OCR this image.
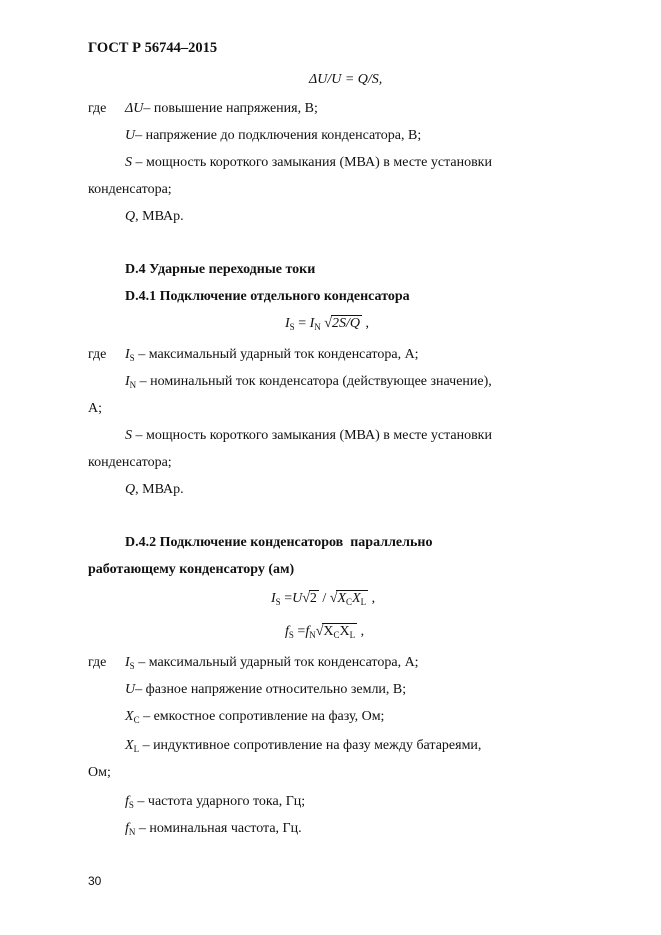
ГОСТ Р 56744–2015
ΔU/U = Q/S,
где ΔU– повышение напряжения, В;
U– напряжение до подключения конденсатора, В;
S – мощность короткого замыкания (МВА) в месте установки
конденсатора;
Q, МВАр.
D.4 Ударные переходные токи
D.4.1 Подключение отдельного конденсатора
$I_S = I_N$ √2S/Q ,
где $I_S$ – максимальный ударный ток конденсатора, А;
$I_N$ – номинальный ток конденсатора (действующее значение),
А;
S – мощность короткого замыкания (МВА) в месте установки
конденсатора;
Q, МВАр.
D.4.2 Подключение конденсаторов  параллельно
работающему конденсатору (ам)
$I_S =U√2 / √X_CX_L$ ,
$f_S =f_N√X_CX_L$ ,
где $I_S$ – максимальный ударный ток конденсатора, А;
U– фазное напряжение относительно земли, В;
$X_C$ – емкостное сопротивление на фазу, Ом;
$X_L$ – индуктивное сопротивление на фазу между батареями,
Ом;
$f_S$ – частота ударного тока, Гц;
$f_N$ – номинальная частота, Гц.
30
